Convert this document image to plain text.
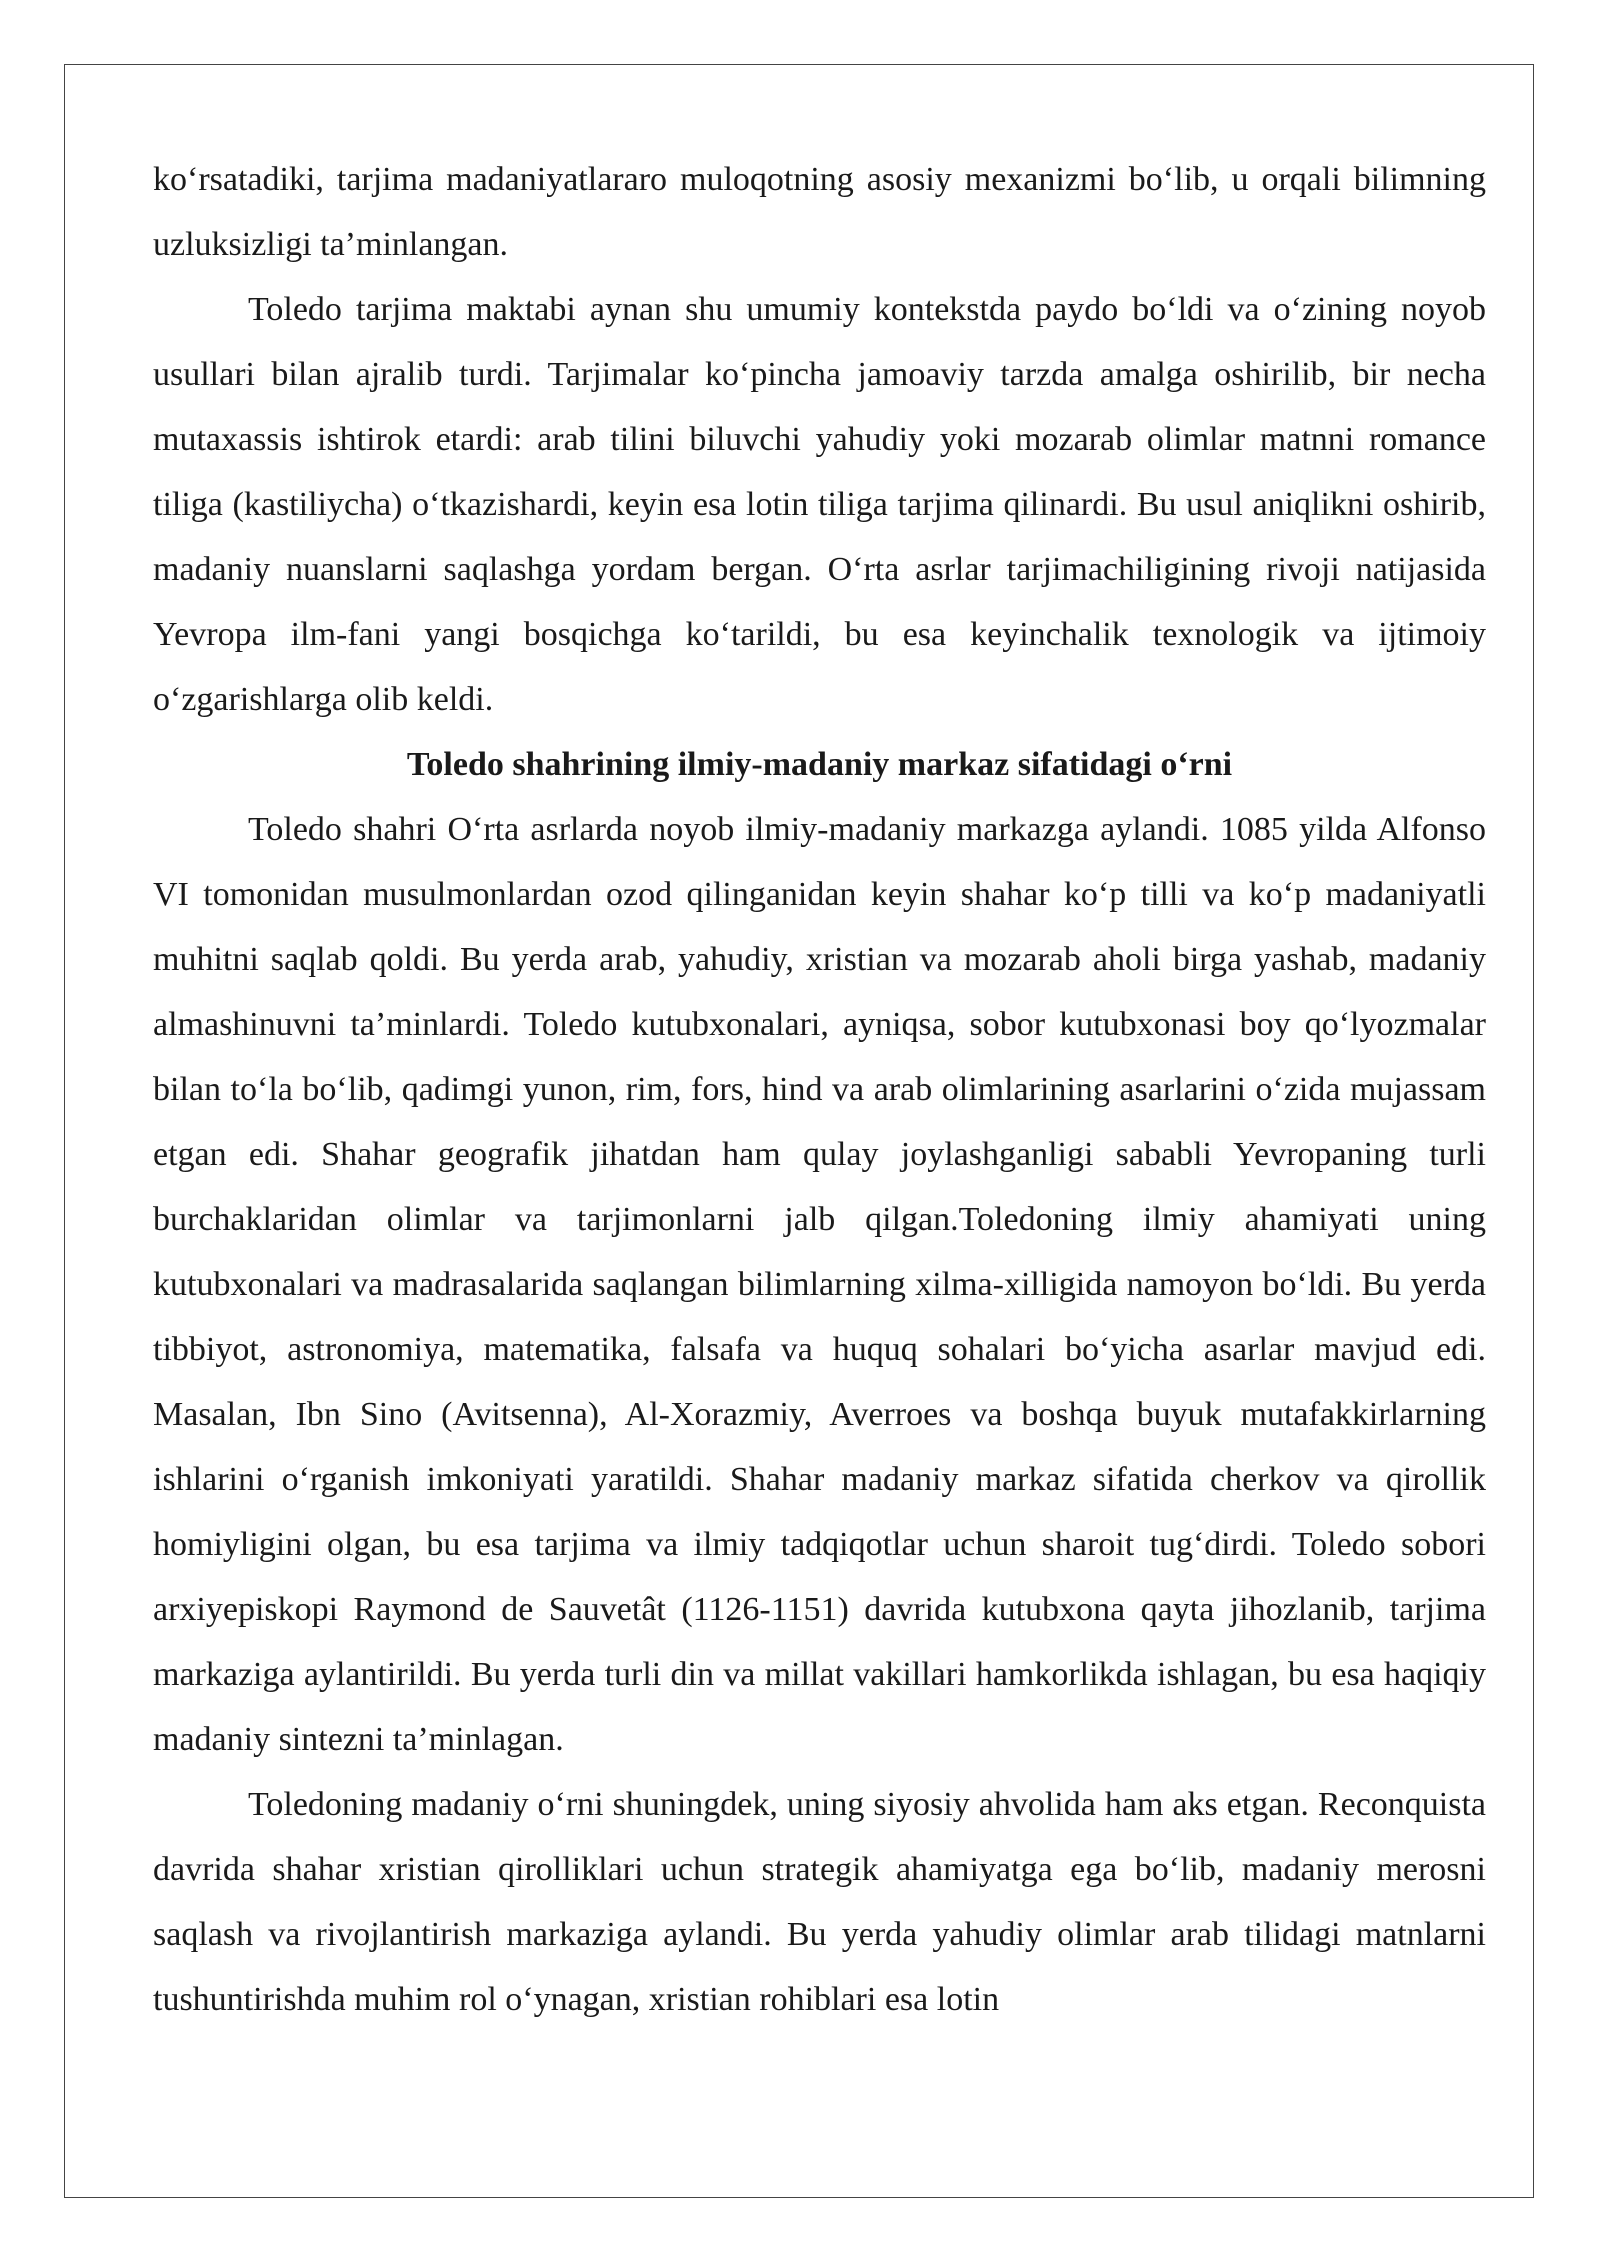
ko‘rsatadiki, tarjima madaniyatlararo muloqotning asosiy mexanizmi bo‘lib, u orqali bilimning uzluksizligi ta’minlangan.

Toledo tarjima maktabi aynan shu umumiy kontekstda paydo bo‘ldi va o‘zining noyob usullari bilan ajralib turdi. Tarjimalar ko‘pincha jamoaviy tarzda amalga oshirilib, bir necha mutaxassis ishtirok etardi: arab tilini biluvchi yahudiy yoki mozarab olimlar matnni romance tiliga (kastiliycha) o‘tkazishardi, keyin esa lotin tiliga tarjima qilinardi. Bu usul aniqlikni oshirib, madaniy nuanslarni saqlashga yordam bergan. O‘rta asrlar tarjimachiligining rivoji natijasida Yevropa ilm-fani yangi bosqichga ko‘tarildi, bu esa keyinchalik texnologik va ijtimoiy o‘zgarishlarga olib keldi.

Toledo shahrining ilmiy-madaniy markaz sifatidagi o‘rni

Toledo shahri O‘rta asrlarda noyob ilmiy-madaniy markazga aylandi. 1085 yilda Alfonso VI tomonidan musulmonlardan ozod qilinganidan keyin shahar ko‘p tilli va ko‘p madaniyatli muhitni saqlab qoldi. Bu yerda arab, yahudiy, xristian va mozarab aholi birga yashab, madaniy almashinuvni ta’minlardi. Toledo kutubxonalari, ayniqsa, sobor kutubxonasi boy qo‘lyozmalar bilan to‘la bo‘lib, qadimgi yunon, rim, fors, hind va arab olimlarining asarlarini o‘zida mujassam etgan edi. Shahar geografik jihatdan ham qulay joylashganligi sababli Yevropaning turli burchaklaridan olimlar va tarjimonlarni jalb qilgan.Toledoning ilmiy ahamiyati uning kutubxonalari va madrasalarida saqlangan bilimlarning xilma-xilligida namoyon bo‘ldi. Bu yerda tibbiyot, astronomiya, matematika, falsafa va huquq sohalari bo‘yicha asarlar mavjud edi. Masalan, Ibn Sino (Avitsenna), Al-Xorazmiy, Averroes va boshqa buyuk mutafakkirlarning ishlarini o‘rganish imkoniyati yaratildi. Shahar madaniy markaz sifatida cherkov va qirollik homiyligini olgan, bu esa tarjima va ilmiy tadqiqotlar uchun sharoit tug‘dirdi. Toledo sobori arxiyepiskopi Raymond de Sauvetât (1126-1151) davrida kutubxona qayta jihozlanib, tarjima markaziga aylantirildi. Bu yerda turli din va millat vakillari hamkorlikda ishlagan, bu esa haqiqiy madaniy sintezni ta’minlagan.

Toledoning madaniy o‘rni shuningdek, uning siyosiy ahvolida ham aks etgan. Reconquista davrida shahar xristian qirolliklari uchun strategik ahamiyatga ega bo‘lib, madaniy merosni saqlash va rivojlantirish markaziga aylandi. Bu yerda yahudiy olimlar arab tilidagi matnlarni tushuntirishda muhim rol o‘ynagan, xristian rohiblari esa lotin
